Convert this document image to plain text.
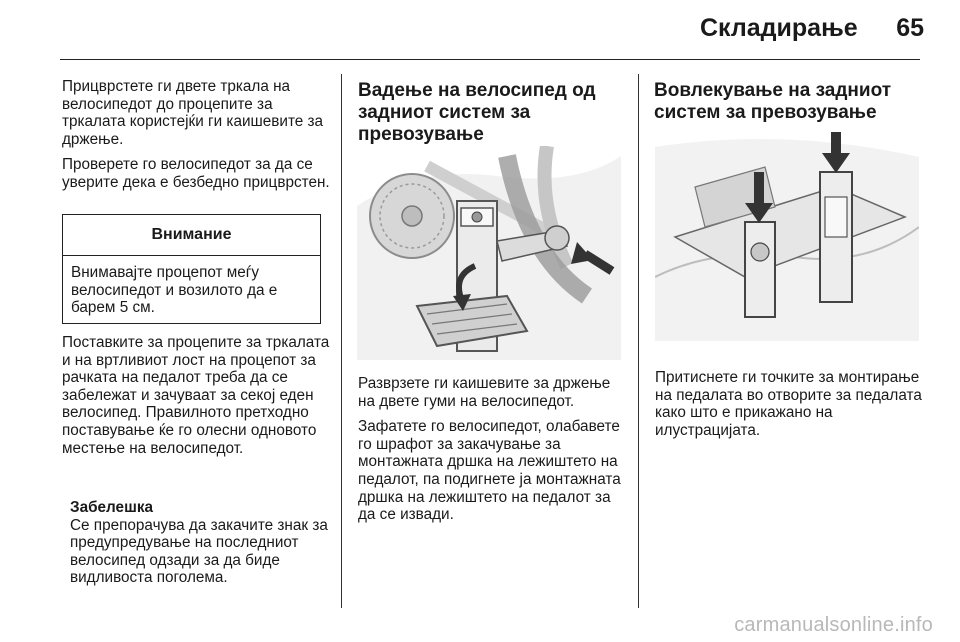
Складирање	65

Прицврстете ги двете тркала на велосипедот до процепите за тркалата користејќи ги каишевите за држење.

Проверете го велосипедот за да се уверите дека е безбедно прицврстен.

Внимание
Внимавајте процепот меѓу велосипедот и возилото да е барем 5 см.
Поставките за процепите за тркалата и на вртливиот лост на процепот за рачката на педалот треба да се забележат и зачуваат за секој еден велосипед. Правилното претходно поставување ќе го олесни одновото местење на велосипедот.
Забелешка
Се препорачува да закачите знак за предупредување на последниот велосипед одзади за да биде видливоста поголема.

Вадење на велосипед од задниот систем за превозување

Разврзете ги каишевите за држење на двете гуми на велосипедот.

Зафатете го велосипедот, олабавете го шрафот за закачување за монтажната дршка на лежиштето на педалот, па подигнете ја монтажната дршка на лежиштето на педалот за да се извади.

Вовлекување на задниот систем за превозување

Притиснете ги точките за монтирање на педалата во отворите за педалата како што е прикажано на илустрацијата.

carmanualsonline.info
